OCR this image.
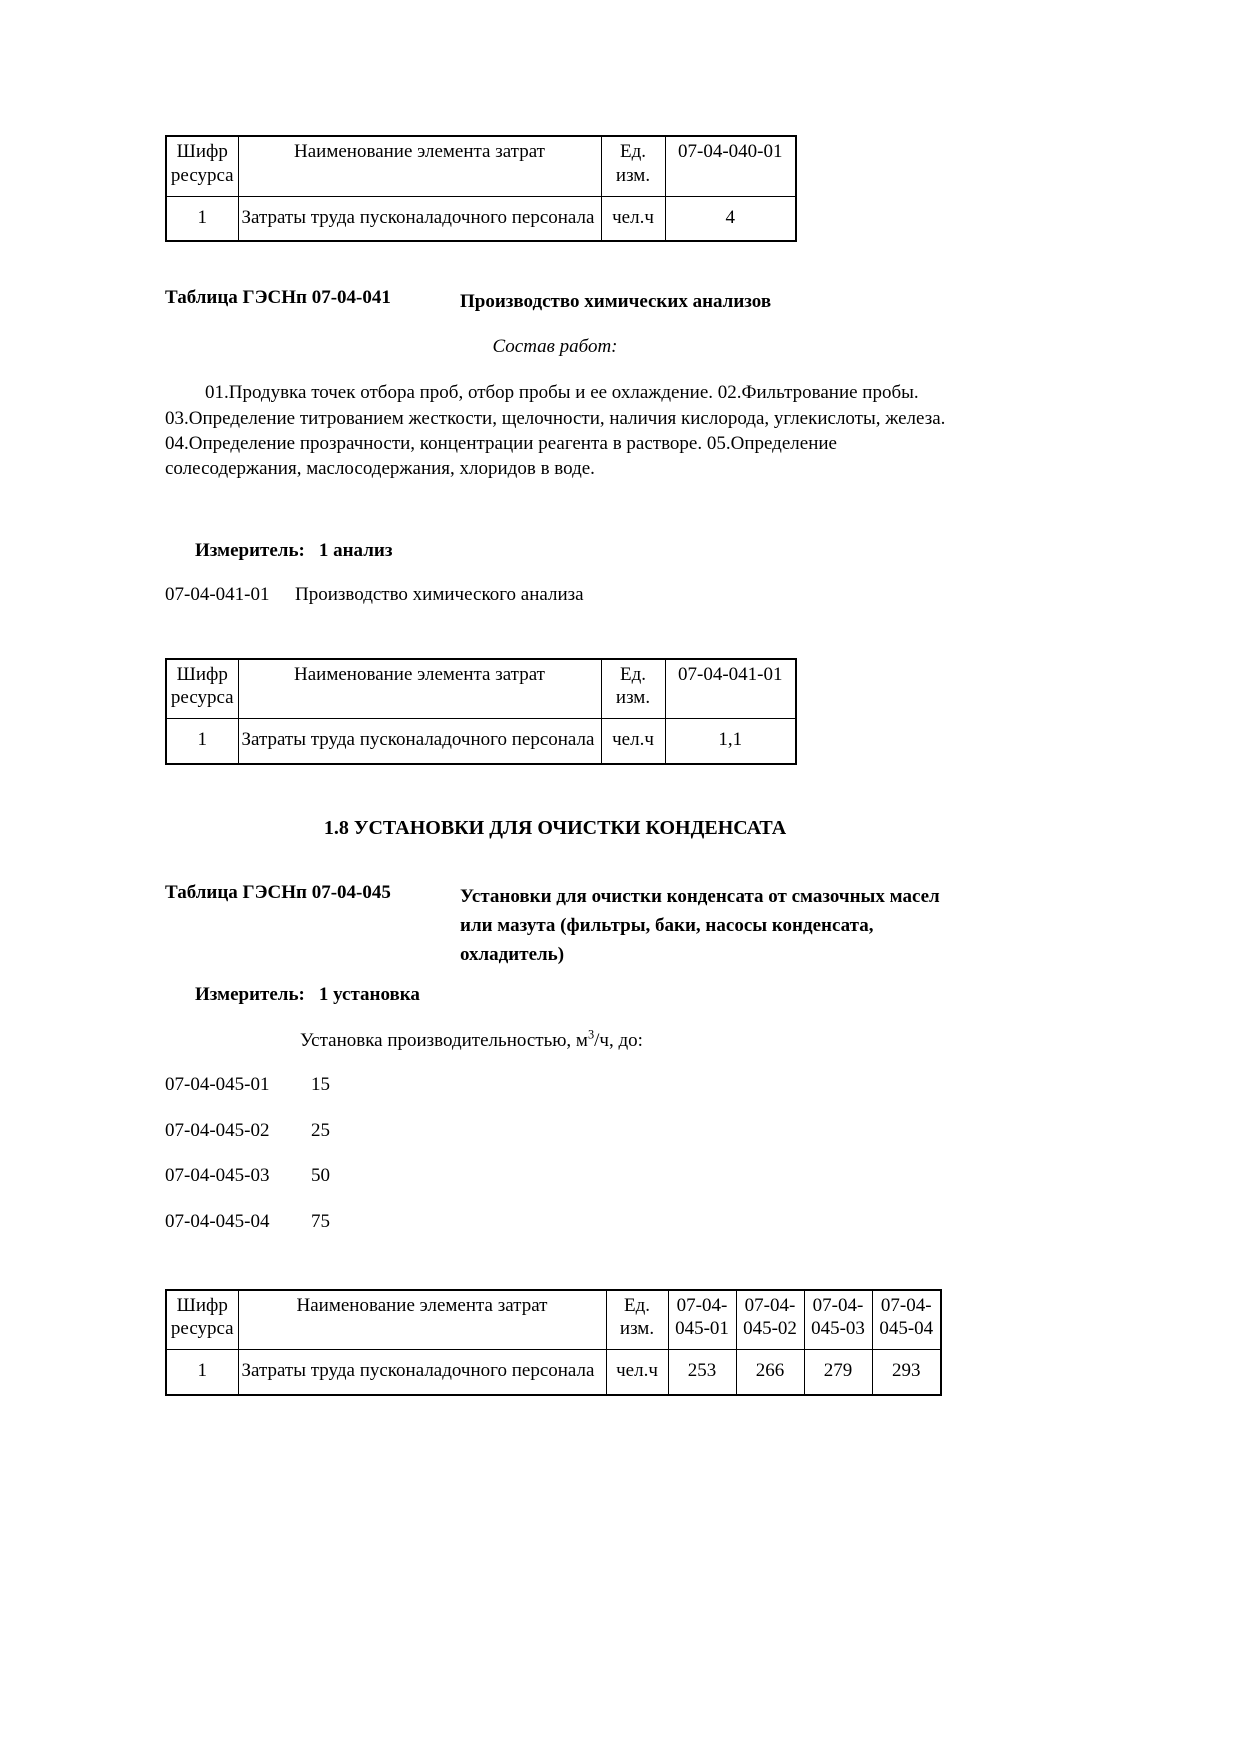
Шифр ресурса	Наименование элемента затрат	Ед. изм.	07-04-040-01
1	Затраты труда пусконаладочного персонала	чел.ч	4
Таблица ГЭСНп 07-04-041	Производство химических анализов
Состав работ:
01.Продувка точек отбора проб, отбор пробы и ее охлаждение. 02.Фильтрование пробы. 03.Определение титрованием жесткости, щелочности, наличия кислорода, углекислоты, железа. 04.Определение прозрачности, концентрации реагента в растворе. 05.Определение солесодержания, маслосодержания, хлоридов в воде.
Измеритель: 1 анализ
07-04-041-01 Производство химического анализа
Шифр ресурса	Наименование элемента затрат	Ед. изм.	07-04-041-01
1	Затраты труда пусконаладочного персонала	чел.ч	1,1
1.8 УСТАНОВКИ ДЛЯ ОЧИСТКИ КОНДЕНСАТА
Таблица ГЭСНп 07-04-045	Установки для очистки конденсата от смазочных масел или мазута (фильтры, баки, насосы конденсата, охладитель)
Измеритель: 1 установка
Установка производительностью, $м^3/ч$, до:
07-04-045-01 15
07-04-045-02 25
07-04-045-03 50
07-04-045-04 75
Шифр ресурса	Наименование элемента затрат	Ед. изм.	07-04-045-01	07-04-045-02	07-04-045-03	07-04-045-04
1	Затраты труда пусконаладочного персонала	чел.ч	253	266	279	293
